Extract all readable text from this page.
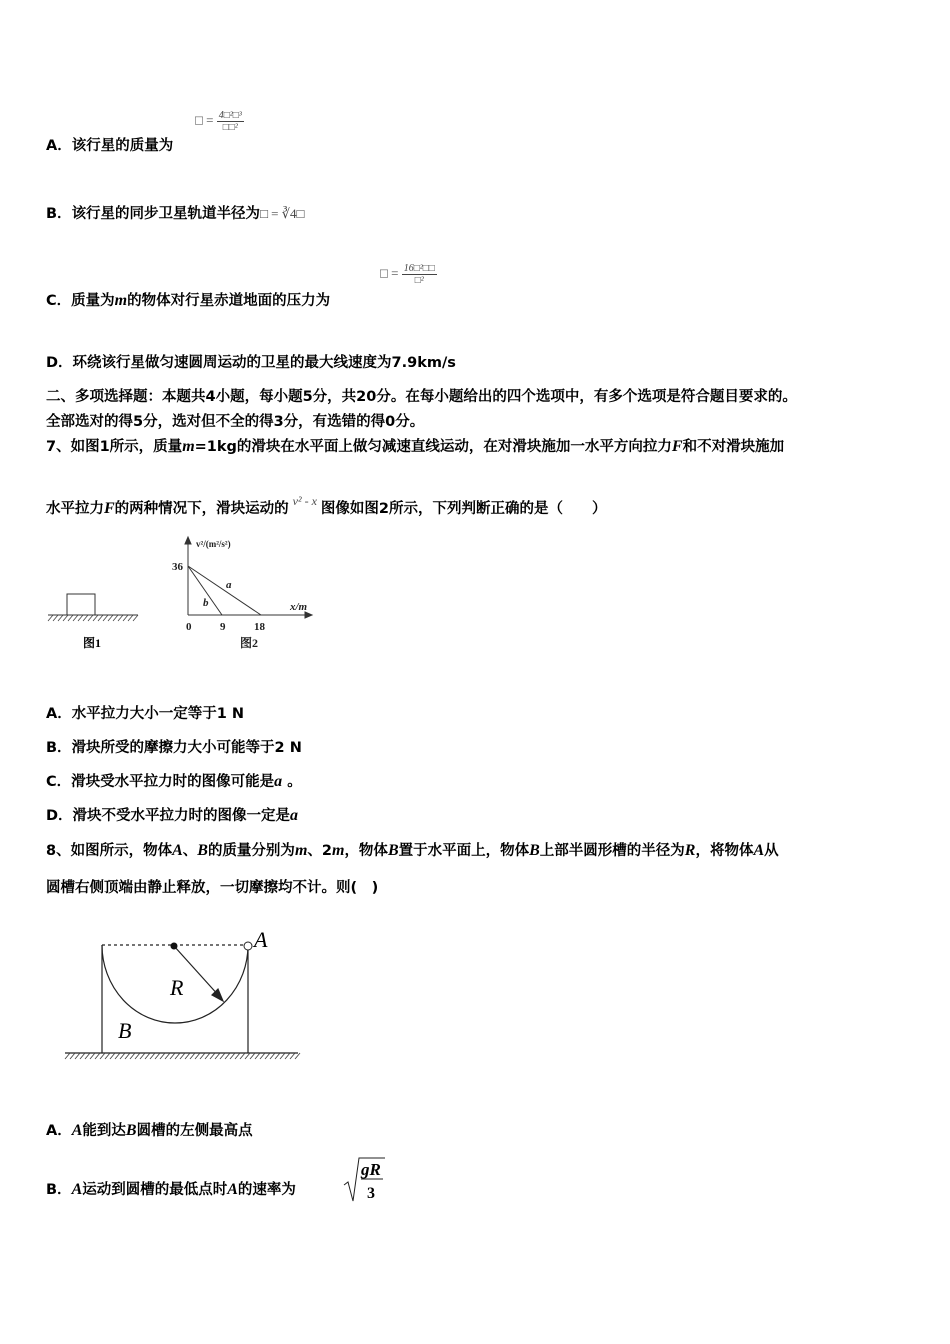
A．该行星的质量为
□ = $\frac{\text{4□²□³}}{\text{□□²}}$
B．该行星的同步卫星轨道半径为□ = ∛4□
C．质量为m的物体对行星赤道地面的压力为
□ = $\frac{\text{16□²□□}}{\text{□²}}$
D．环绕该行星做匀速圆周运动的卫星的最大线速度为7.9km/s
二、多项选择题：本题共4小题，每小题5分，共20分。在每小题给出的四个选项中，有多个选项是符合题目要求的。
全部选对的得5分，选对但不全的得3分，有选错的得0分。
7、如图1所示，质量m=1kg的滑块在水平面上做匀减速直线运动，在对滑块施加一水平方向拉力F和不对滑块施加
水平拉力F的两种情况下，滑块运动的 $^{v^2 - x}$ 图像如图2所示，下列判断正确的是（　　）
图1
v²/(m²/s²)
36
x/m
0	9	18
a
b
图2
A．水平拉力大小一定等于1 N
B．滑块所受的摩擦力大小可能等于2 N
C．滑块受水平拉力时的图像可能是a 。
D．滑块不受水平拉力时的图像一定是a
8、如图所示，物体A、B的质量分别为m、2m，物体B置于水平面上，物体B上部半圆形槽的半径为R，将物体A从
圆槽右侧顶端由静止释放，一切摩擦均不计。则(　)
A
R
B
A．A能到达B圆槽的左侧最高点
B．A运动到圆槽的最低点时A的速率为
gR
3
